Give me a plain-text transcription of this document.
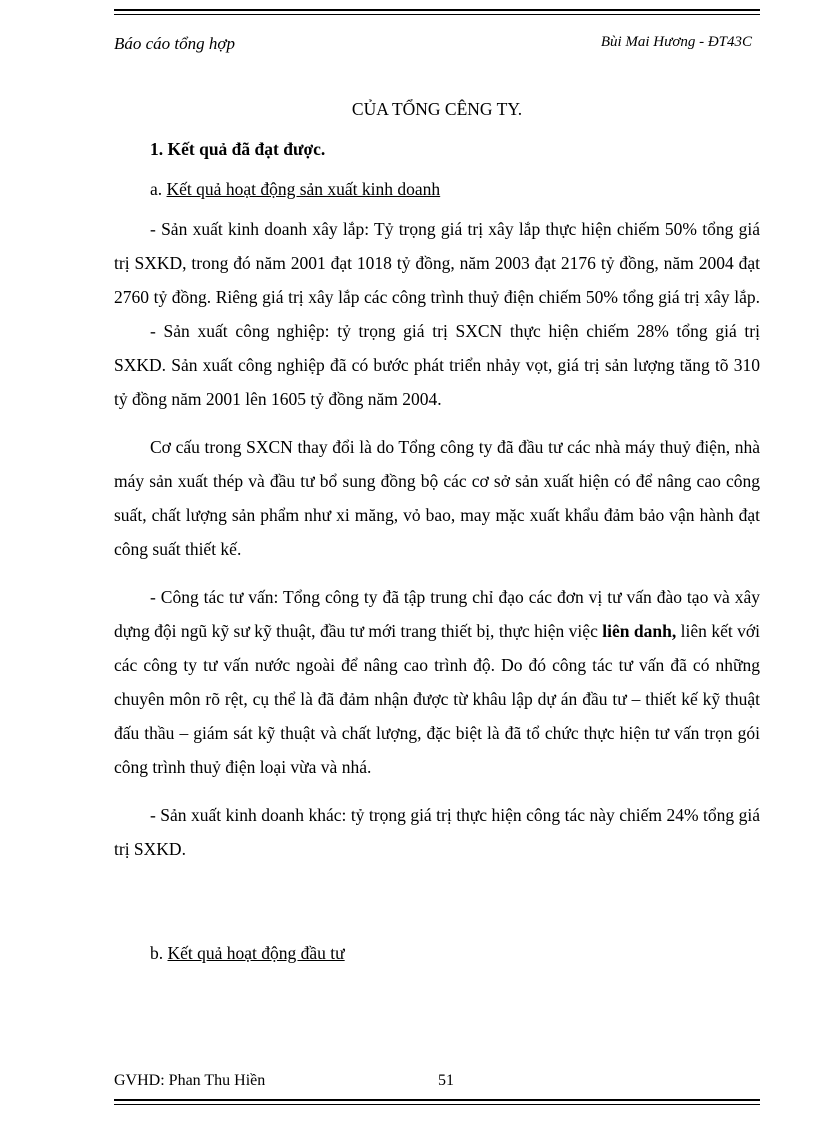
Báo cáo tổng hợp	Bùi Mai Hương - ĐT43C
CỦA TỔNG CÊNG TY.
1. Kết quả đã đạt được.
a. Kết quả hoạt động sản xuất kinh doanh

- Sản xuất kinh doanh xây lắp: Tỷ trọng giá trị xây lắp thực hiện chiếm 50% tổng giá trị SXKD, trong đó năm 2001 đạt 1018 tỷ đồng, năm 2003 đạt 2176 tỷ đồng, năm 2004 đạt 2760 tỷ đồng. Riêng giá trị xây lắp các công trình thuỷ điện chiếm 50% tổng giá trị xây lắp.

- Sản xuất công nghiệp: tỷ trọng giá trị SXCN thực hiện chiếm 28% tổng giá trị SXKD. Sản xuất công nghiệp đã có bước phát triển nhảy vọt, giá trị sản lượng tăng tõ 310 tỷ đồng năm 2001 lên 1605 tỷ đồng năm 2004.

Cơ cấu trong SXCN thay đổi là do Tổng công ty đã đầu tư các nhà máy thuỷ điện, nhà máy sản xuất thép và đầu tư bổ sung đồng bộ các cơ sở sản xuất hiện có để nâng cao công suất, chất lượng sản phẩm như xi măng, vỏ bao, may mặc xuất khẩu đảm bảo vận hành đạt công suất thiết kế.

- Công tác tư vấn: Tổng công ty đã tập trung chỉ đạo các đơn vị tư vấn đào tạo và xây dựng đội ngũ kỹ sư kỹ thuật, đầu tư mới trang thiết bị, thực hiện việc liên danh, liên kết với các công ty tư vấn nước ngoài để nâng cao trình độ. Do đó công tác tư vấn đã có những chuyên môn rõ rệt, cụ thể là đã đảm nhận được từ khâu lập dự án đầu tư – thiết kế kỹ thuật đấu thầu – giám sát kỹ thuật và chất lượng, đặc biệt là đã tổ chức thực hiện tư vấn trọn gói công trình thuỷ điện loại vừa và nhá.

- Sản xuất kinh doanh khác: tỷ trọng giá trị thực hiện công tác này chiếm 24% tổng giá trị SXKD.

b. Kết quả hoạt động đầu tư
GVHD: Phan Thu Hiền	51
